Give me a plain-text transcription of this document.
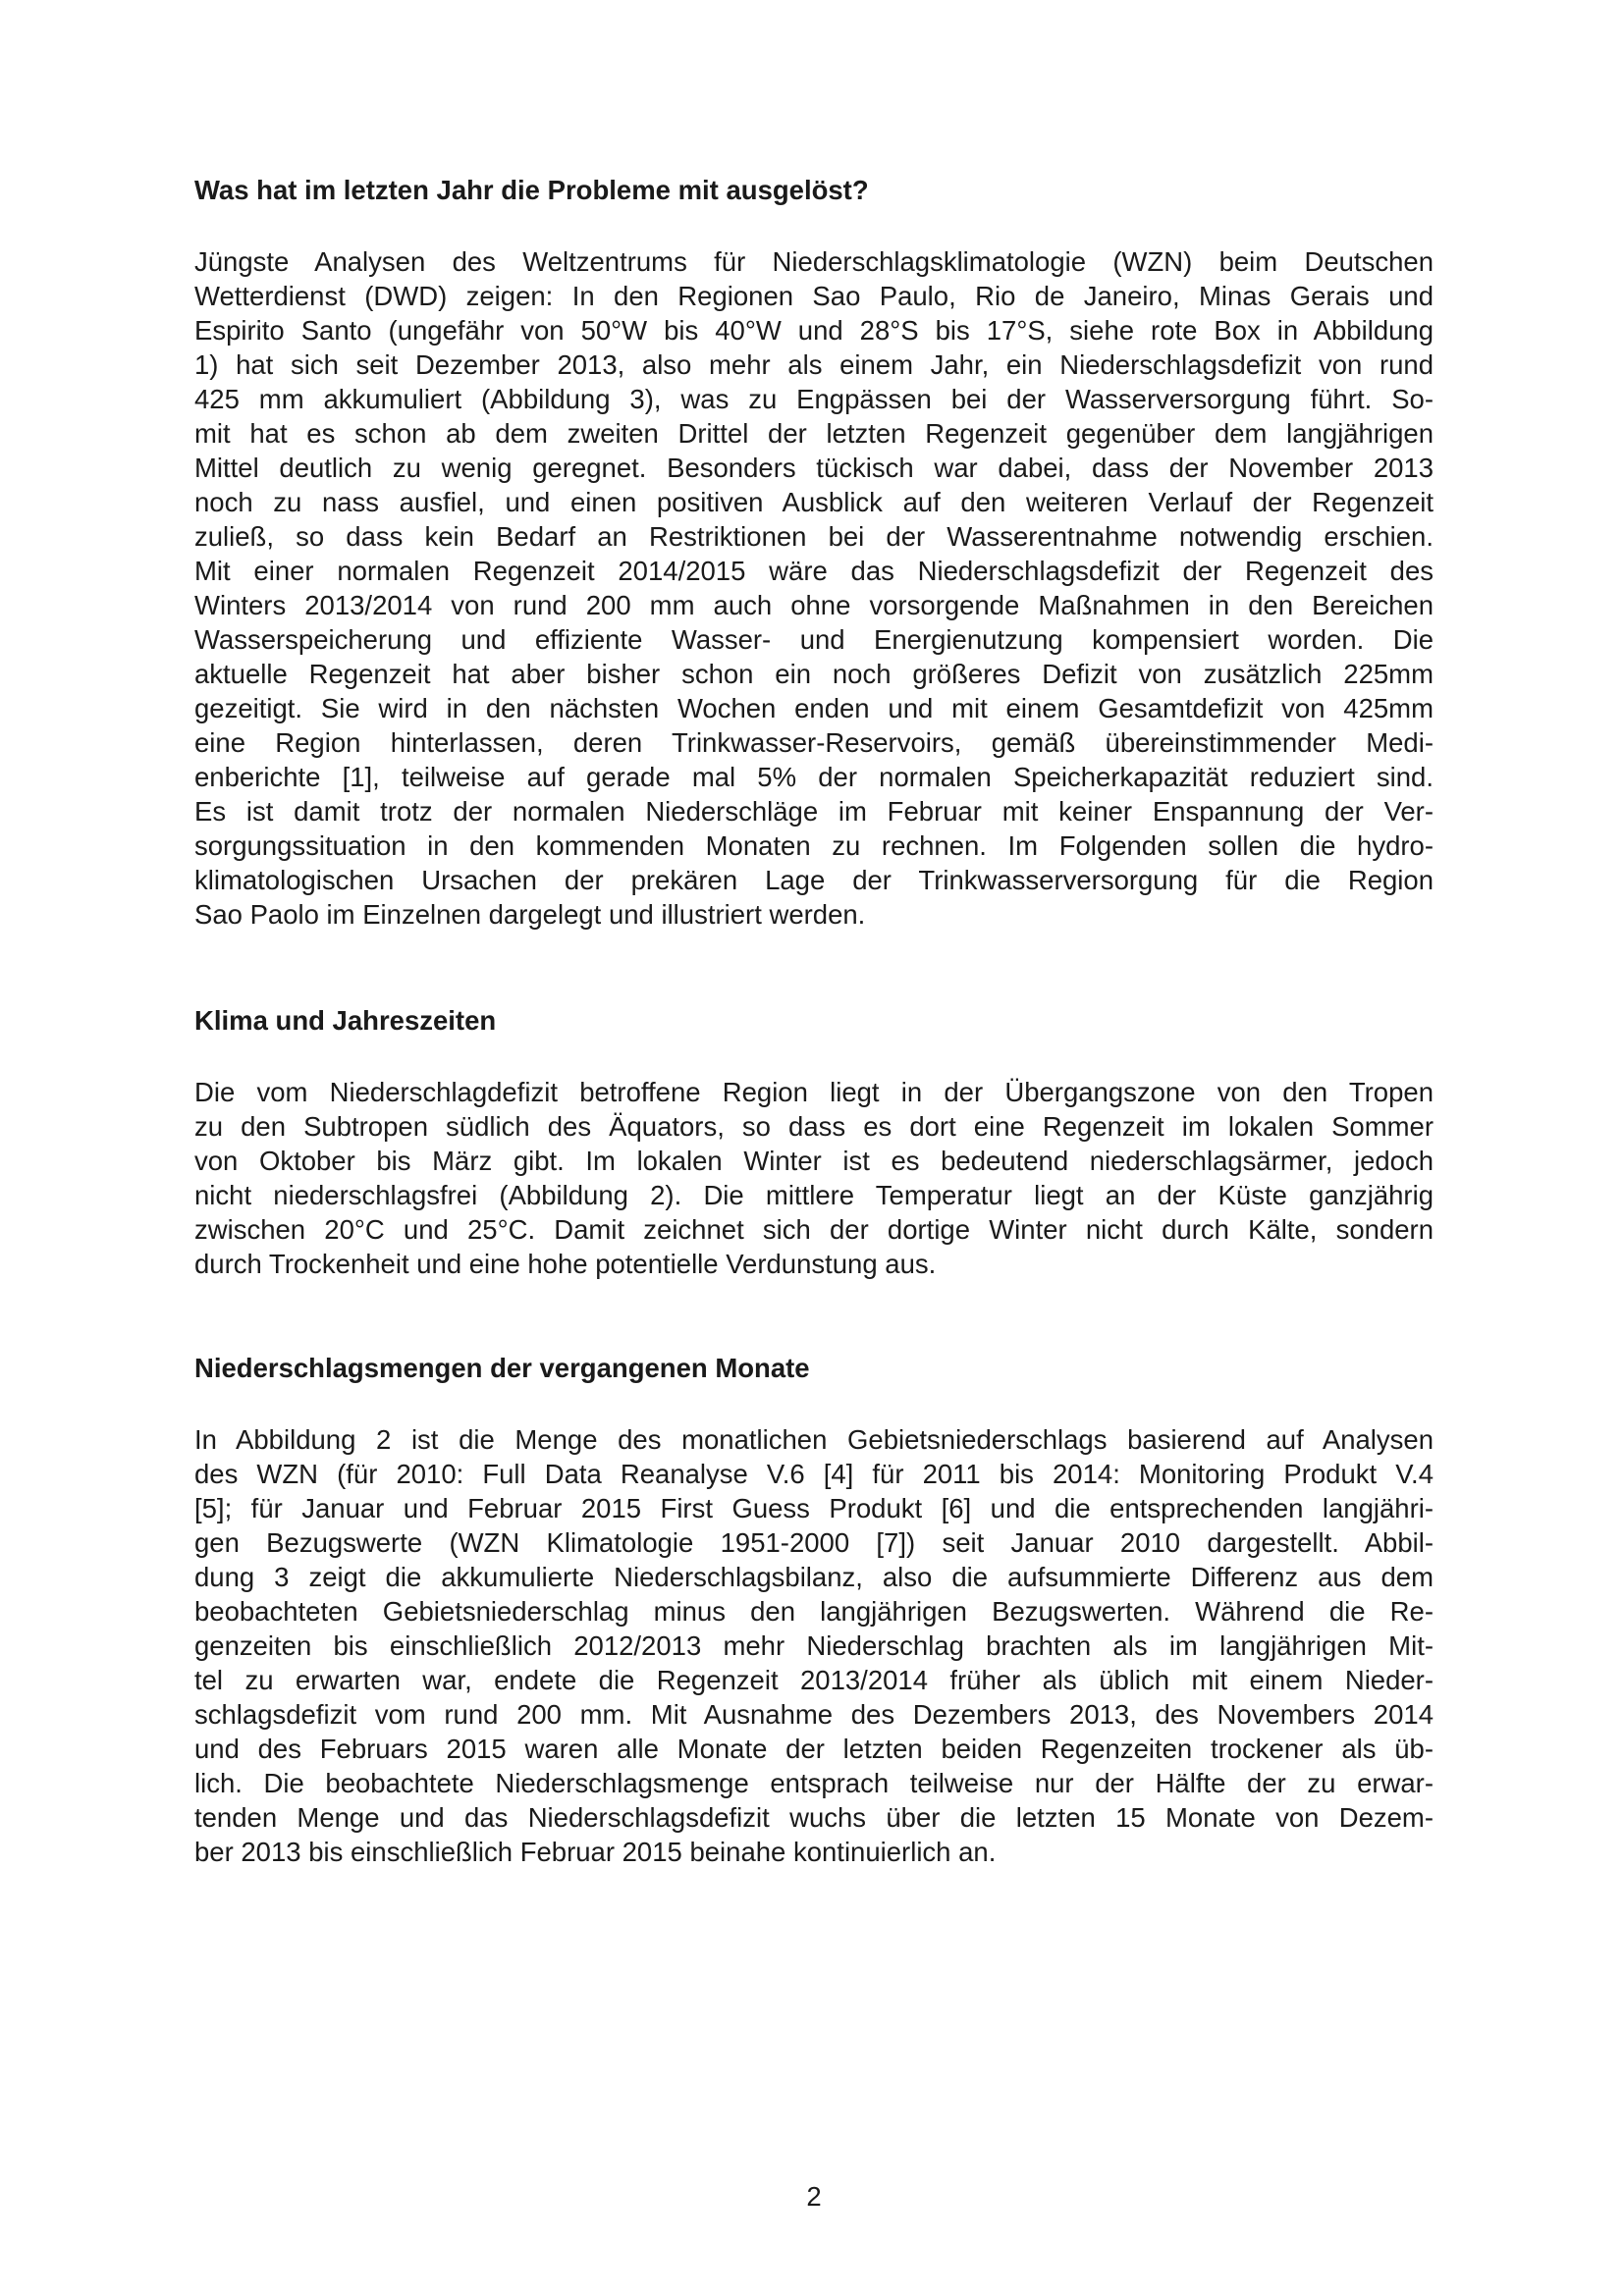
Was hat im letzten Jahr die Probleme mit ausgelöst?

Jüngste Analysen des Weltzentrums für Niederschlagsklimatologie (WZN) beim Deutschen
Wetterdienst (DWD) zeigen: In den Regionen Sao Paulo, Rio de Janeiro, Minas Gerais und
Espirito Santo (ungefähr von 50°W bis 40°W und 28°S bis 17°S, siehe rote Box in Abbildung
1) hat sich seit Dezember 2013, also mehr als einem Jahr, ein Niederschlagsdefizit von rund
425 mm akkumuliert (Abbildung 3), was zu Engpässen bei der Wasserversorgung führt. So-
mit hat es schon ab dem zweiten Drittel der letzten Regenzeit gegenüber dem langjährigen
Mittel deutlich zu wenig geregnet. Besonders tückisch war dabei, dass der November 2013
noch zu nass ausfiel, und einen positiven Ausblick auf den weiteren Verlauf der Regenzeit
zuließ, so dass kein Bedarf an Restriktionen bei der Wasserentnahme notwendig erschien.
Mit einer normalen Regenzeit 2014/2015 wäre das Niederschlagsdefizit der Regenzeit des
Winters 2013/2014 von rund 200 mm auch ohne vorsorgende Maßnahmen in den Bereichen
Wasserspeicherung und effiziente Wasser- und Energienutzung kompensiert worden. Die
aktuelle Regenzeit hat aber bisher schon ein noch größeres Defizit von zusätzlich 225mm
gezeitigt. Sie wird in den nächsten Wochen enden und mit einem Gesamtdefizit von 425mm
eine Region hinterlassen, deren Trinkwasser-Reservoirs, gemäß übereinstimmender Medi-
enberichte [1], teilweise auf gerade mal 5% der normalen Speicherkapazität reduziert sind.
Es ist damit trotz der normalen Niederschläge im Februar mit keiner Enspannung der Ver-
sorgungssituation in den kommenden Monaten zu rechnen. Im Folgenden sollen die hydro-
klimatologischen Ursachen der prekären Lage der Trinkwasserversorgung für die Region
Sao Paolo im Einzelnen dargelegt und illustriert werden.

Klima und Jahreszeiten

Die vom Niederschlagdefizit betroffene Region liegt in der Übergangszone von den Tropen
zu den Subtropen südlich des Äquators, so dass es dort eine Regenzeit im lokalen Sommer
von Oktober bis März gibt. Im lokalen Winter ist es bedeutend niederschlagsärmer, jedoch
nicht niederschlagsfrei (Abbildung 2). Die mittlere Temperatur liegt an der Küste ganzjährig
zwischen 20°C und 25°C. Damit zeichnet sich der dortige Winter nicht durch Kälte, sondern
durch Trockenheit und eine hohe potentielle Verdunstung aus.

Niederschlagsmengen der vergangenen Monate

In Abbildung 2 ist die Menge des monatlichen Gebietsniederschlags basierend auf Analysen
des WZN (für 2010: Full Data Reanalyse V.6 [4] für 2011 bis 2014: Monitoring Produkt V.4
[5]; für Januar und Februar 2015 First Guess Produkt [6] und die entsprechenden langjähri-
gen Bezugswerte (WZN Klimatologie 1951-2000 [7]) seit Januar 2010 dargestellt. Abbil-
dung 3 zeigt die akkumulierte Niederschlagsbilanz, also die aufsummierte Differenz aus dem
beobachteten Gebietsniederschlag minus den langjährigen Bezugswerten. Während die Re-
genzeiten bis einschließlich 2012/2013 mehr Niederschlag brachten als im langjährigen Mit-
tel zu erwarten war, endete die Regenzeit 2013/2014 früher als üblich mit einem Nieder-
schlagsdefizit vom rund 200 mm. Mit Ausnahme des Dezembers 2013, des Novembers 2014
und des Februars 2015 waren alle Monate der letzten beiden Regenzeiten trockener als üb-
lich. Die beobachtete Niederschlagsmenge entsprach teilweise nur der Hälfte der zu erwar-
tenden Menge und das Niederschlagsdefizit wuchs über die letzten 15 Monate von Dezem-
ber 2013 bis einschließlich Februar 2015 beinahe kontinuierlich an.

2
